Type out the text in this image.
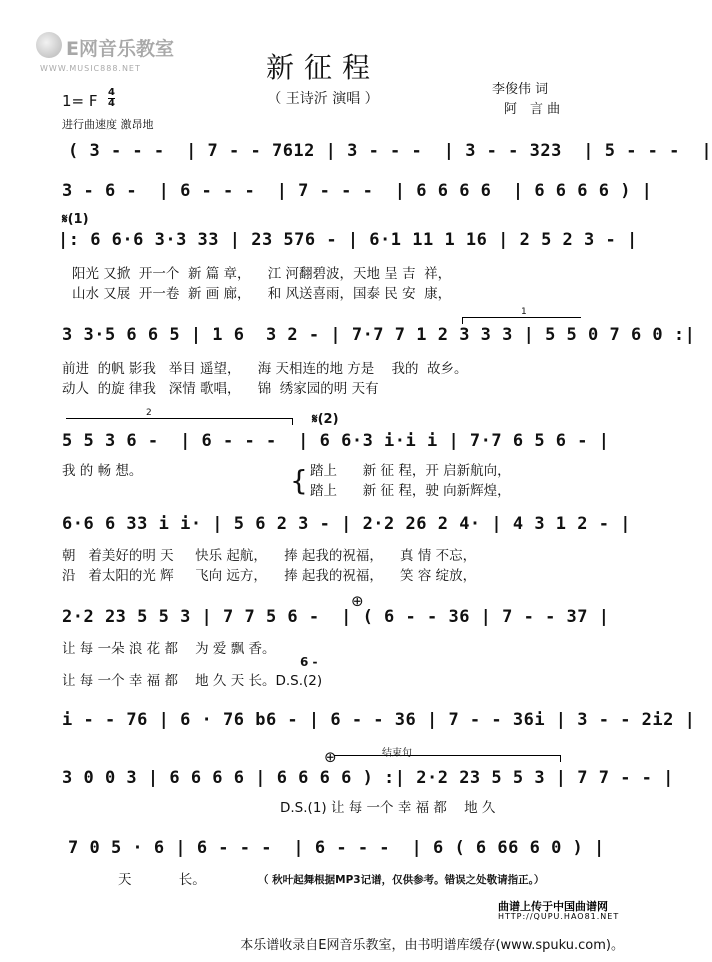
E网音乐教室
WWW.MUSIC888.NET	新征程
（ 王诗沂 演唱 ）
李俊伟 词
阿　言 曲
1= F 4
4
进行曲速度 激昂地
( 3 - - -  | 7 - - 7612 | 3 - - -  | 3 - - 323  | 5 - - -  |
3 - 6 -  | 6 - - -  | 7 - - -  | 6 6 6 6  | 6 6 6 6 ) |
𝄋(1)
|: 6 6·6 3·3 33 | 23 576 - | 6·1 11 1 16 | 2 5 2 3 - |
阳光 又掀  开一个  新 篇 章，    江 河翻碧波，天地 呈 吉  祥，
山水 又展  开一卷  新 画 廊，    和 风送喜雨，国泰 民 安  康，
1
3 3·5 6 6 5 | 1 6  3 2 - | 7·7 7 1 2 3 3 3 | 5 5 0 7 6 0 :|
前进  的帆 影我   举目 遥望，    海 天相连的地 方是    我的  故乡。
动人  的旋 律我   深情 歌唱，    锦  绣家园的明 天有
2	𝄋(2)
5 5 3 6 -  | 6 - - -  | 6 6·3 i·i i | 7·7 6 5 6 - |
我 的 畅 想。	踏上      新 征 程，开 启新航向，
踏上      新 征 程，驶 向新辉煌，
{
6·6 6 33 i i· | 5 6 2 3 - | 2·2 26 2 4· | 4 3 1 2 - |
朝   着美好的明 天     快乐 起航，    捧 起我的祝福，    真 情 不忘，
沿   着太阳的光 辉     飞向 远方，    捧 起我的祝福，    笑 容 绽放，
⊕
2·2 23 5 5 3 | 7 7 5 6 -  | ( 6 - - 36 | 7 - - 37 |
让 每 一朵 浪 花 都    为 爱 飘 香。
6 -
让 每 一个 幸 福 都    地 久 天 长。D.S.(2)
i - - 76 | 6 · 76 b6 - | 6 - - 36 | 7 - - 36i | 3 - - 2i2 |
⊕	结束句
3 0 0 3 | 6 6 6 6 | 6 6 6 6 ) :| 2·2 23 5 5 3 | 7 7 - - |
D.S.(1) 让 每 一个 幸 福 都    地 久
7 0 5 · 6 | 6 - - -  | 6 - - -  | 6 ( 6 66 6 0 ) |
天           长。	（ 秋叶起舞根据MP3记谱，仅供参考。错误之处敬请指正。）
曲谱上传于中国曲谱网
HTTP://QUPU.HAO81.NET
本乐谱收录自E网音乐教室，由书明谱库缓存(www.spuku.com)。
